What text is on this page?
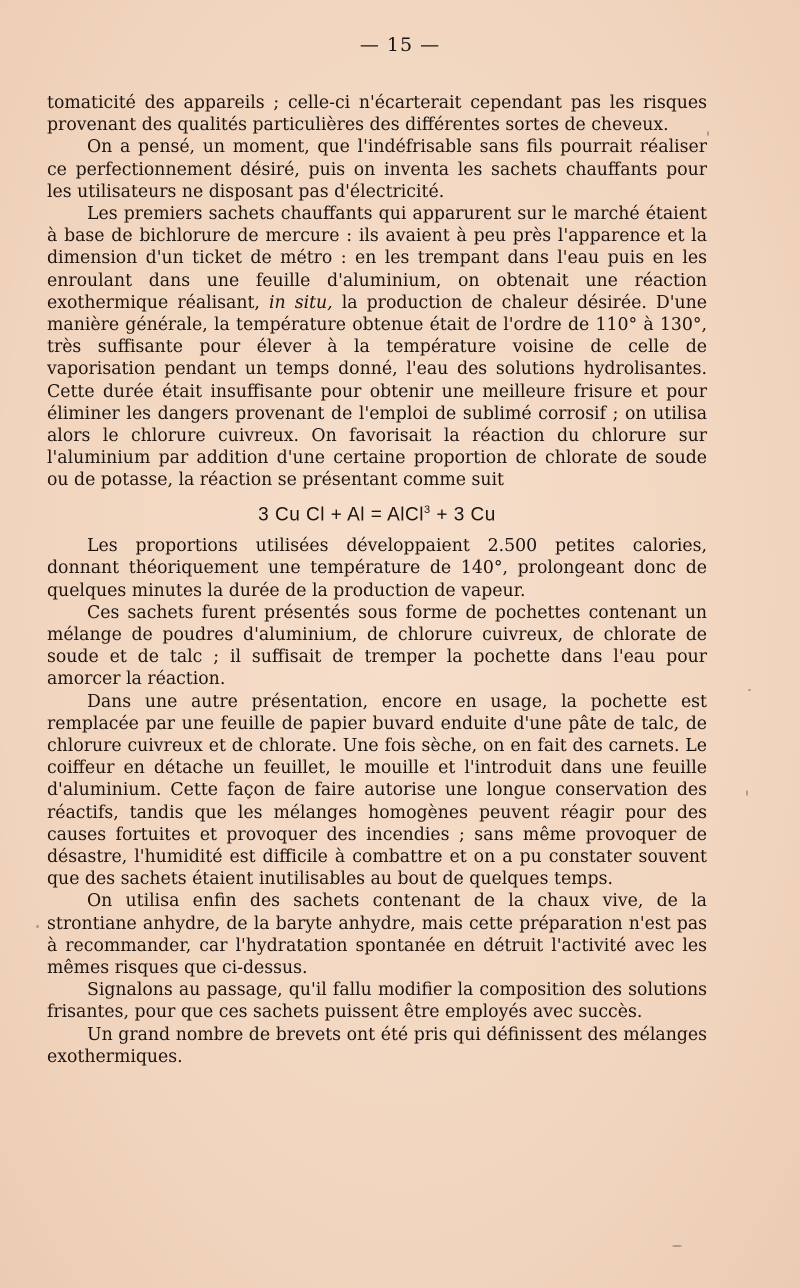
— 15 —

tomaticité des appareils ; celle-ci n'écarterait cependant pas les risques provenant des qualités particulières des différentes sortes de cheveux.

On a pensé, un moment, que l'indéfrisable sans fils pourrait réaliser ce perfectionnement désiré, puis on inventa les sachets chauffants pour les utilisateurs ne disposant pas d'électricité.

Les premiers sachets chauffants qui apparurent sur le marché étaient à base de bichlorure de mercure : ils avaient à peu près l'apparence et la dimension d'un ticket de métro : en les trempant dans l'eau puis en les enroulant dans une feuille d'aluminium, on obtenait une réaction exothermique réalisant, in situ, la production de chaleur désirée. D'une manière générale, la température obtenue était de l'ordre de 110° à 130°, très suffisante pour élever à la température voisine de celle de vaporisation pendant un temps donné, l'eau des solutions hydrolisantes. Cette durée était insuffisante pour obtenir une meilleure frisure et pour éliminer les dangers provenant de l'emploi de sublimé corrosif ; on utilisa alors le chlorure cuivreux. On favorisait la réaction du chlorure sur l'aluminium par addition d'une certaine proportion de chlorate de soude ou de potasse, la réaction se présentant comme suit

3 Cu Cl + Al = AlCl$^3$ + 3 Cu

Les proportions utilisées développaient 2.500 petites calories, donnant théoriquement une température de 140°, prolongeant donc de quelques minutes la durée de la production de vapeur.

Ces sachets furent présentés sous forme de pochettes contenant un mélange de poudres d'aluminium, de chlorure cuivreux, de chlorate de soude et de talc ; il suffisait de tremper la pochette dans l'eau pour amorcer la réaction.

Dans une autre présentation, encore en usage, la pochette est remplacée par une feuille de papier buvard enduite d'une pâte de talc, de chlorure cuivreux et de chlorate. Une fois sèche, on en fait des carnets. Le coiffeur en détache un feuillet, le mouille et l'introduit dans une feuille d'aluminium. Cette façon de faire autorise une longue conservation des réactifs, tandis que les mélanges homogènes peuvent réagir pour des causes fortuites et provoquer des incendies ; sans même provoquer de désastre, l'humidité est difficile à combattre et on a pu constater souvent que des sachets étaient inutilisables au bout de quelques temps.

On utilisa enfin des sachets contenant de la chaux vive, de la strontiane anhydre, de la baryte anhydre, mais cette préparation n'est pas à recommander, car l'hydratation spontanée en détruit l'activité avec les mêmes risques que ci-dessus.

Signalons au passage, qu'il fallu modifier la composition des solutions frisantes, pour que ces sachets puissent être employés avec succès.

Un grand nombre de brevets ont été pris qui définissent des mélanges exothermiques.
